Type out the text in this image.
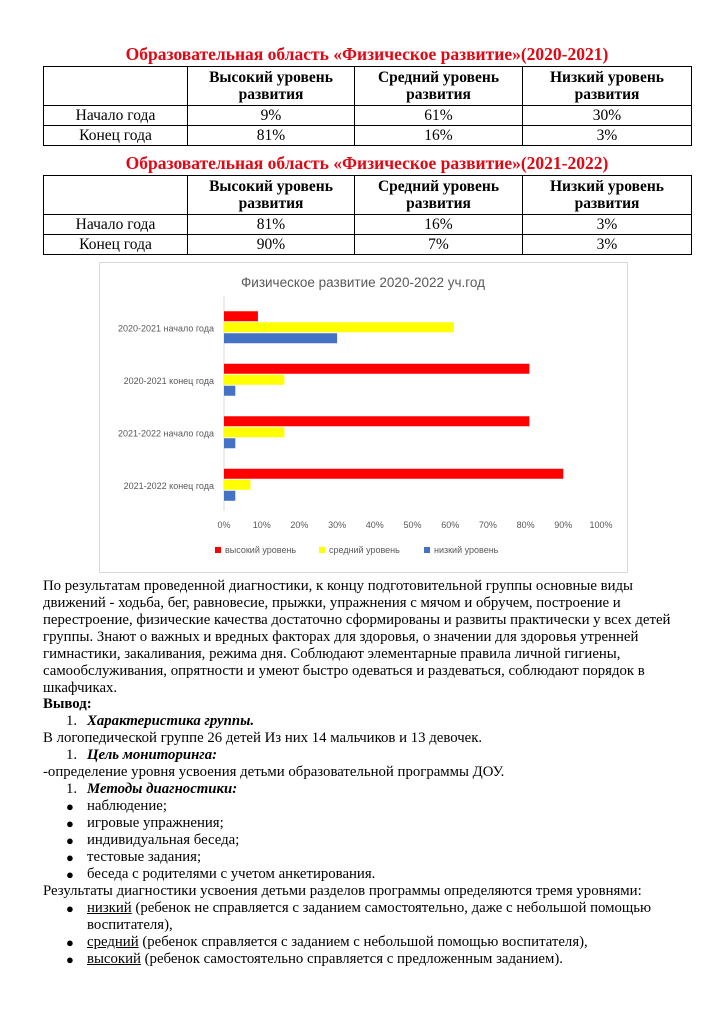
Образовательная область «Физическое развитие»(2020-2021)
	Высокий уровень развития	Средний уровень развития	Низкий уровень развития
Начало года	9%	61%	30%
Конец года	81%	16%	3%
Образовательная область «Физическое развитие»(2021-2022)
	Высокий уровень развития	Средний уровень развития	Низкий уровень развития
Начало года	81%	16%	3%
Конец года	90%	7%	3%
Физическое развитие 2020-2022 уч.год
2020-2021 начало года
2020-2021 конец года
2021-2022 начало года
2021-2022 конец года
0% 10% 20% 30% 40% 50% 60% 70% 80% 90% 100%
высокий уровень	средний уровень	низкий уровень
По результатам проведенной диагностики, к концу подготовительной группы основные виды движений - ходьба, бег, равновесие, прыжки, упражнения с мячом и обручем, построение и перестроение, физические качества достаточно сформированы и развиты практически у всех детей группы. Знают о важных и вредных факторах для здоровья, о значении для здоровья утренней гимнастики, закаливания, режима дня. Соблюдают элементарные правила личной гигиены, самообслуживания, опрятности и умеют быстро одеваться и раздеваться, соблюдают порядок в шкафчиках.
Вывод:
1. Характеристика группы.
В логопедической группе 26 детей Из них 14 мальчиков и 13 девочек.
1. Цель мониторинга:
-определение уровня усвоения детьми образовательной программы ДОУ.
1. Методы диагностики:
● наблюдение;
● игровые упражнения;
● индивидуальная беседа;
● тестовые задания;
● беседа с родителями с учетом анкетирования.
Результаты диагностики усвоения детьми разделов программы определяются тремя уровнями:
● низкий (ребенок не справляется с заданием самостоятельно, даже с небольшой помощью
воспитателя),
● средний (ребенок справляется с заданием с небольшой помощью воспитателя),
● высокий (ребенок самостоятельно справляется с предложенным заданием).
